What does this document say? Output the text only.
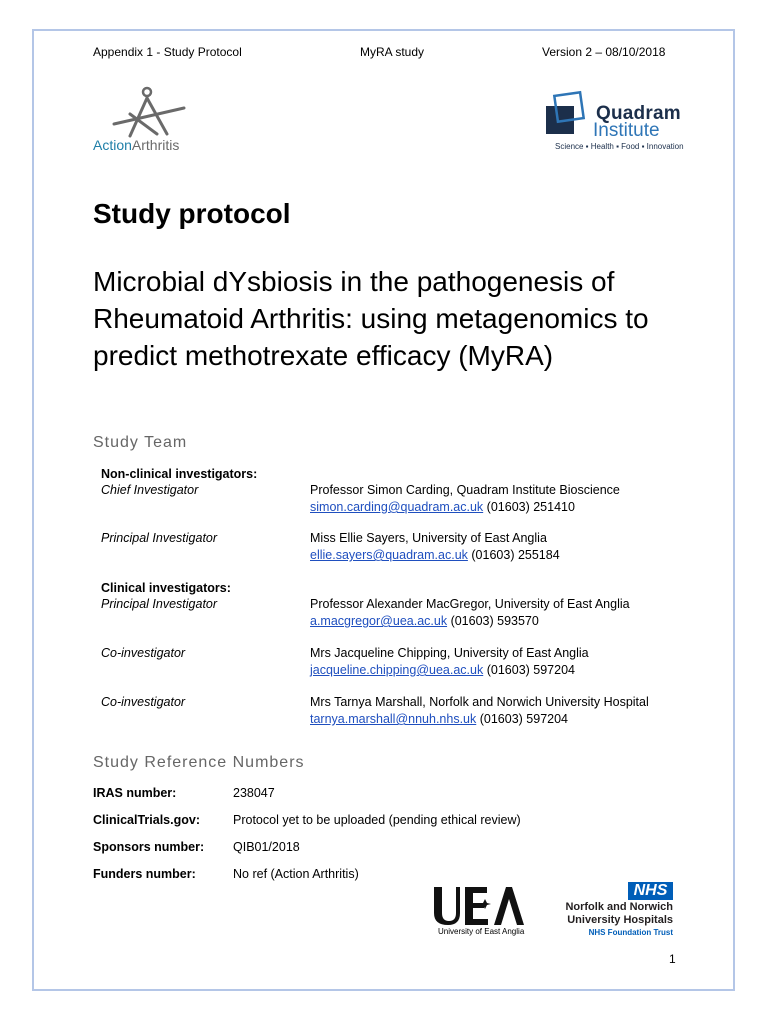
Appendix 1 - Study Protocol	MyRA study	Version 2 – 08/10/2018
ActionArthritis
Quadram
Institute
Science ▪ Health ▪ Food ▪ Innovation
Study protocol
Microbial dYsbiosis in the pathogenesis of Rheumatoid Arthritis: using metagenomics to predict methotrexate efficacy (MyRA)
Study Team
Non-clinical investigators:
Chief Investigator	Professor Simon Carding, Quadram Institute Bioscience
simon.carding@quadram.ac.uk (01603) 251410
Principal Investigator	Miss Ellie Sayers, University of East Anglia
ellie.sayers@quadram.ac.uk (01603) 255184
Clinical investigators:
Principal Investigator	Professor Alexander MacGregor, University of East Anglia
a.macgregor@uea.ac.uk (01603) 593570
Co-investigator	Mrs Jacqueline Chipping, University of East Anglia
jacqueline.chipping@uea.ac.uk (01603) 597204
Co-investigator	Mrs Tarnya Marshall, Norfolk and Norwich University Hospital
tarnya.marshall@nnuh.nhs.uk (01603) 597204
Study Reference Numbers
IRAS number:	238047
ClinicalTrials.gov:	Protocol yet to be uploaded (pending ethical review)
Sponsors number: QIB01/2018
Funders number:	No ref (Action Arthritis)
University of East Anglia
NHS
Norfolk and Norwich
University Hospitals
NHS Foundation Trust
1
